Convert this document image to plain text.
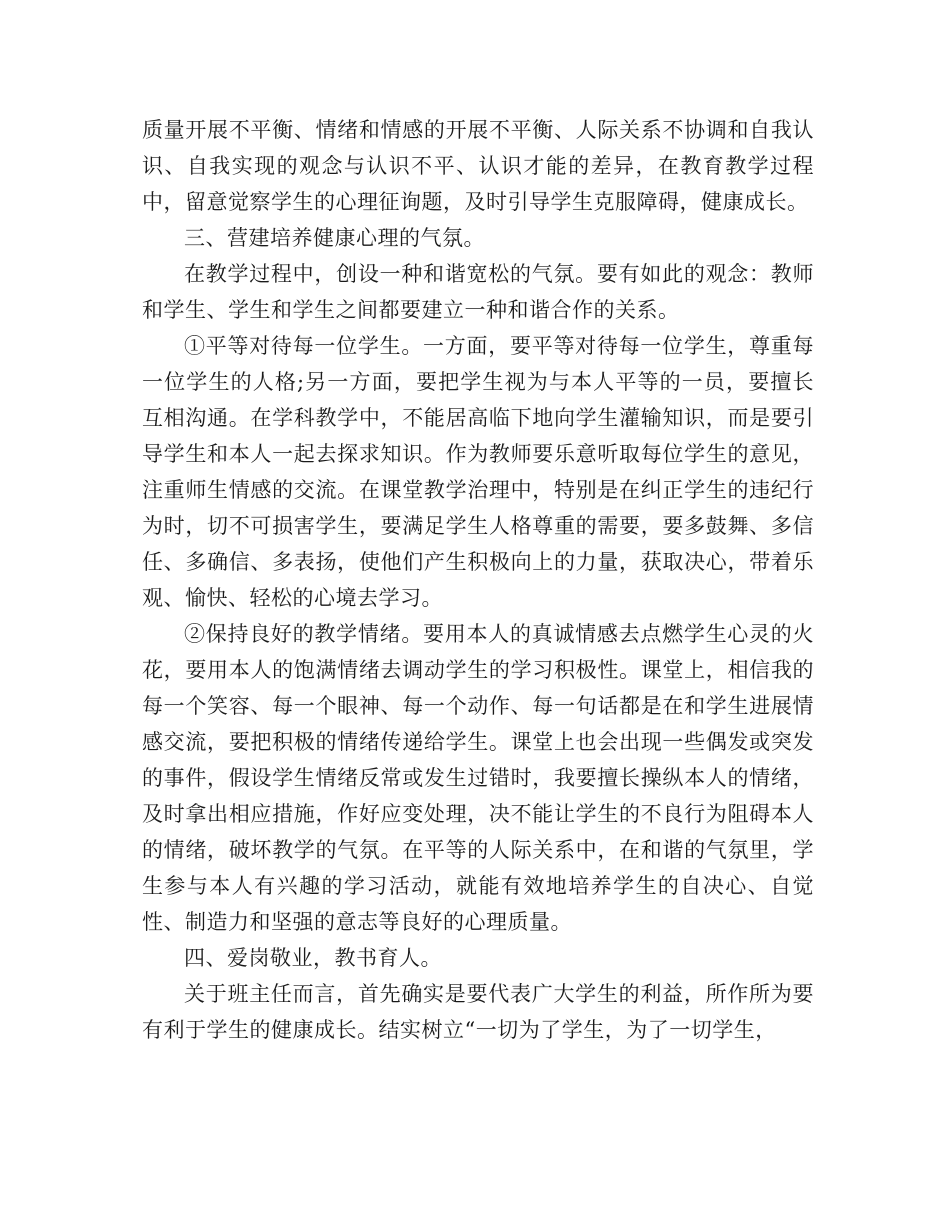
质量开展不平衡、情绪和情感的开展不平衡、人际关系不协调和自我认识、自我实现的观念与认识不平、认识才能的差异，在教育教学过程中，留意觉察学生的心理征询题，及时引导学生克服障碍，健康成长。

三、营建培养健康心理的气氛。

在教学过程中，创设一种和谐宽松的气氛。要有如此的观念：教师和学生、学生和学生之间都要建立一种和谐合作的关系。

①平等对待每一位学生。一方面，要平等对待每一位学生，尊重每一位学生的人格;另一方面，要把学生视为与本人平等的一员，要擅长互相沟通。在学科教学中，不能居高临下地向学生灌输知识，而是要引导学生和本人一起去探求知识。作为教师要乐意听取每位学生的意见，注重师生情感的交流。在课堂教学治理中，特别是在纠正学生的违纪行为时，切不可损害学生，要满足学生人格尊重的需要，要多鼓舞、多信任、多确信、多表扬，使他们产生积极向上的力量，获取决心，带着乐观、愉快、轻松的心境去学习。

②保持良好的教学情绪。要用本人的真诚情感去点燃学生心灵的火花，要用本人的饱满情绪去调动学生的学习积极性。课堂上，相信我的每一个笑容、每一个眼神、每一个动作、每一句话都是在和学生进展情感交流，要把积极的情绪传递给学生。课堂上也会出现一些偶发或突发的事件，假设学生情绪反常或发生过错时，我要擅长操纵本人的情绪，及时拿出相应措施，作好应变处理，决不能让学生的不良行为阻碍本人的情绪，破坏教学的气氛。在平等的人际关系中，在和谐的气氛里，学生参与本人有兴趣的学习活动，就能有效地培养学生的自决心、自觉性、制造力和坚强的意志等良好的心理质量。

四、爱岗敬业，教书育人。

关于班主任而言，首先确实是要代表广大学生的利益，所作所为要有利于学生的健康成长。结实树立“一切为了学生，为了一切学生，
